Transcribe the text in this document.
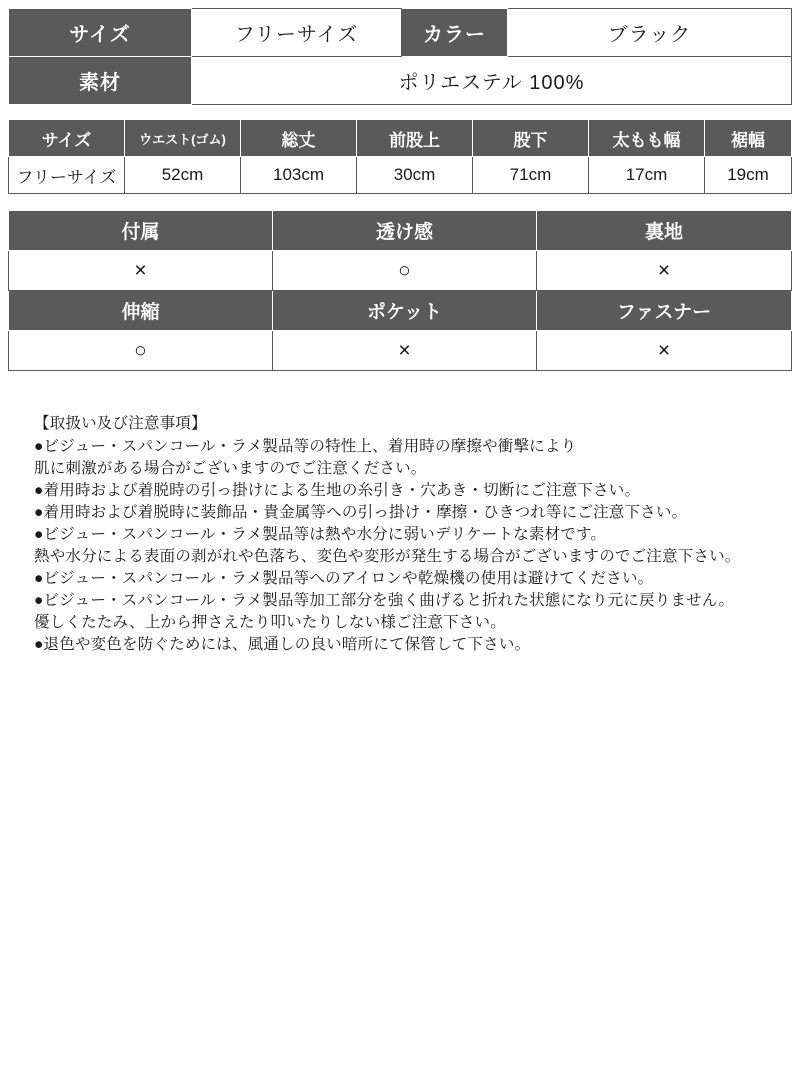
サイズ	フリーサイズ	カラー	ブラック
素材	ポリエステル 100%		
サイズ	ウエスト(ゴム)	総丈	前股上	股下	太もも幅	裾幅
フリーサイズ	52cm	103cm	30cm	71cm	17cm	19cm
付属	透け感	裏地
×	○	×
伸縮	ポケット	ファスナー
○	×	×
【取扱い及び注意事項】
●ビジュー・スパンコール・ラメ製品等の特性上、着用時の摩擦や衝撃により
肌に刺激がある場合がございますのでご注意ください。
●着用時および着脱時の引っ掛けによる生地の糸引き・穴あき・切断にご注意下さい。
●着用時および着脱時に装飾品・貴金属等への引っ掛け・摩擦・ひきつれ等にご注意下さい。
●ビジュー・スパンコール・ラメ製品等は熱や水分に弱いデリケートな素材です。
熱や水分による表面の剥がれや色落ち、変色や変形が発生する場合がございますのでご注意下さい。
●ビジュー・スパンコール・ラメ製品等へのアイロンや乾燥機の使用は避けてください。
●ビジュー・スパンコール・ラメ製品等加工部分を強く曲げると折れた状態になり元に戻りません。
優しくたたみ、上から押さえたり叩いたりしない様ご注意下さい。
●退色や変色を防ぐためには、風通しの良い暗所にて保管して下さい。
